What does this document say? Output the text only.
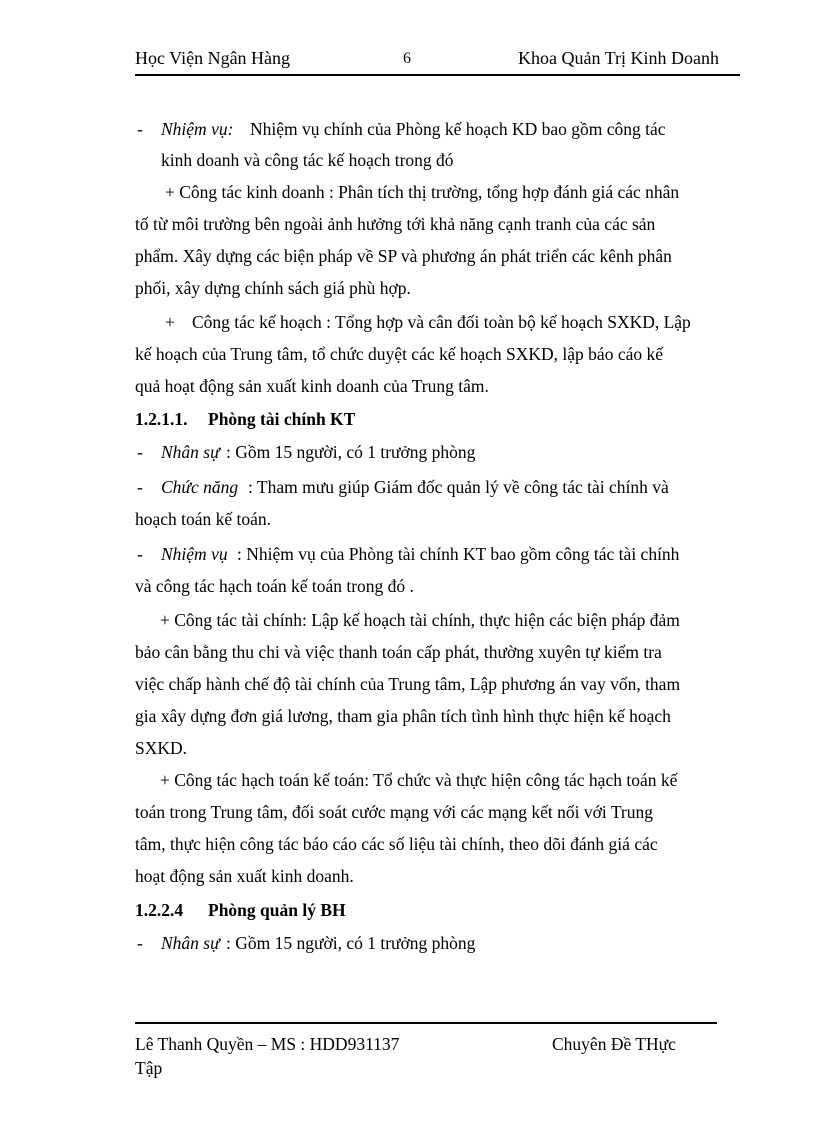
Học Viện Ngân Hàng	6	Khoa Quản Trị Kinh Doanh
- Nhiệm vụ: Nhiệm vụ chính của Phòng kế hoạch KD bao gồm công tác
kinh doanh và công tác kế hoạch trong đó
+ Công tác kinh doanh : Phân tích thị trường, tổng hợp đánh giá các nhân
tố từ môi trường bên ngoài ảnh hưởng tới khả năng cạnh tranh của các sản
phẩm. Xây dựng các biện pháp về SP và phương án phát triển các kênh phân
phối, xây dựng chính sách giá phù hợp.
+ Công tác kế hoạch : Tổng hợp và cân đối toàn bộ kế hoạch SXKD, Lập
kế hoạch của Trung tâm, tổ chức duyệt các kế hoạch SXKD, lập báo cáo kế
quả hoạt động sản xuất kinh doanh của Trung tâm.
1.2.1.1. Phòng tài chính KT
- Nhân sự : Gồm 15 người, có 1 trưởng phòng
- Chức năng : Tham mưu giúp Giám đốc quản lý về công tác tài chính và
hoạch toán kế toán.
- Nhiệm vụ : Nhiệm vụ của Phòng tài chính KT bao gồm công tác tài chính
và công tác hạch toán kế toán trong đó .
+ Công tác tài chính: Lập kế hoạch tài chính, thực hiện các biện pháp đảm
bảo cân bằng thu chi và việc thanh toán cấp phát, thường xuyên tự kiểm tra
việc chấp hành chế độ tài chính của Trung tâm, Lập phương án vay vốn, tham
gia xây dựng đơn giá lương, tham gia phân tích tình hình thực hiện kế hoạch
SXKD.
+ Công tác hạch toán kế toán: Tổ chức và thực hiện công tác hạch toán kế
toán trong Trung tâm, đối soát cước mạng với các mạng kết nối với Trung
tâm, thực hiện công tác báo cáo các số liệu tài chính, theo dõi đánh giá các
hoạt động sản xuất kinh doanh.
1.2.2.4 Phòng quản lý BH
- Nhân sự : Gồm 15 người, có 1 trưởng phòng
Lê Thanh Quyền – MS : HDD931137	Chuyên Đề THực
Tập
